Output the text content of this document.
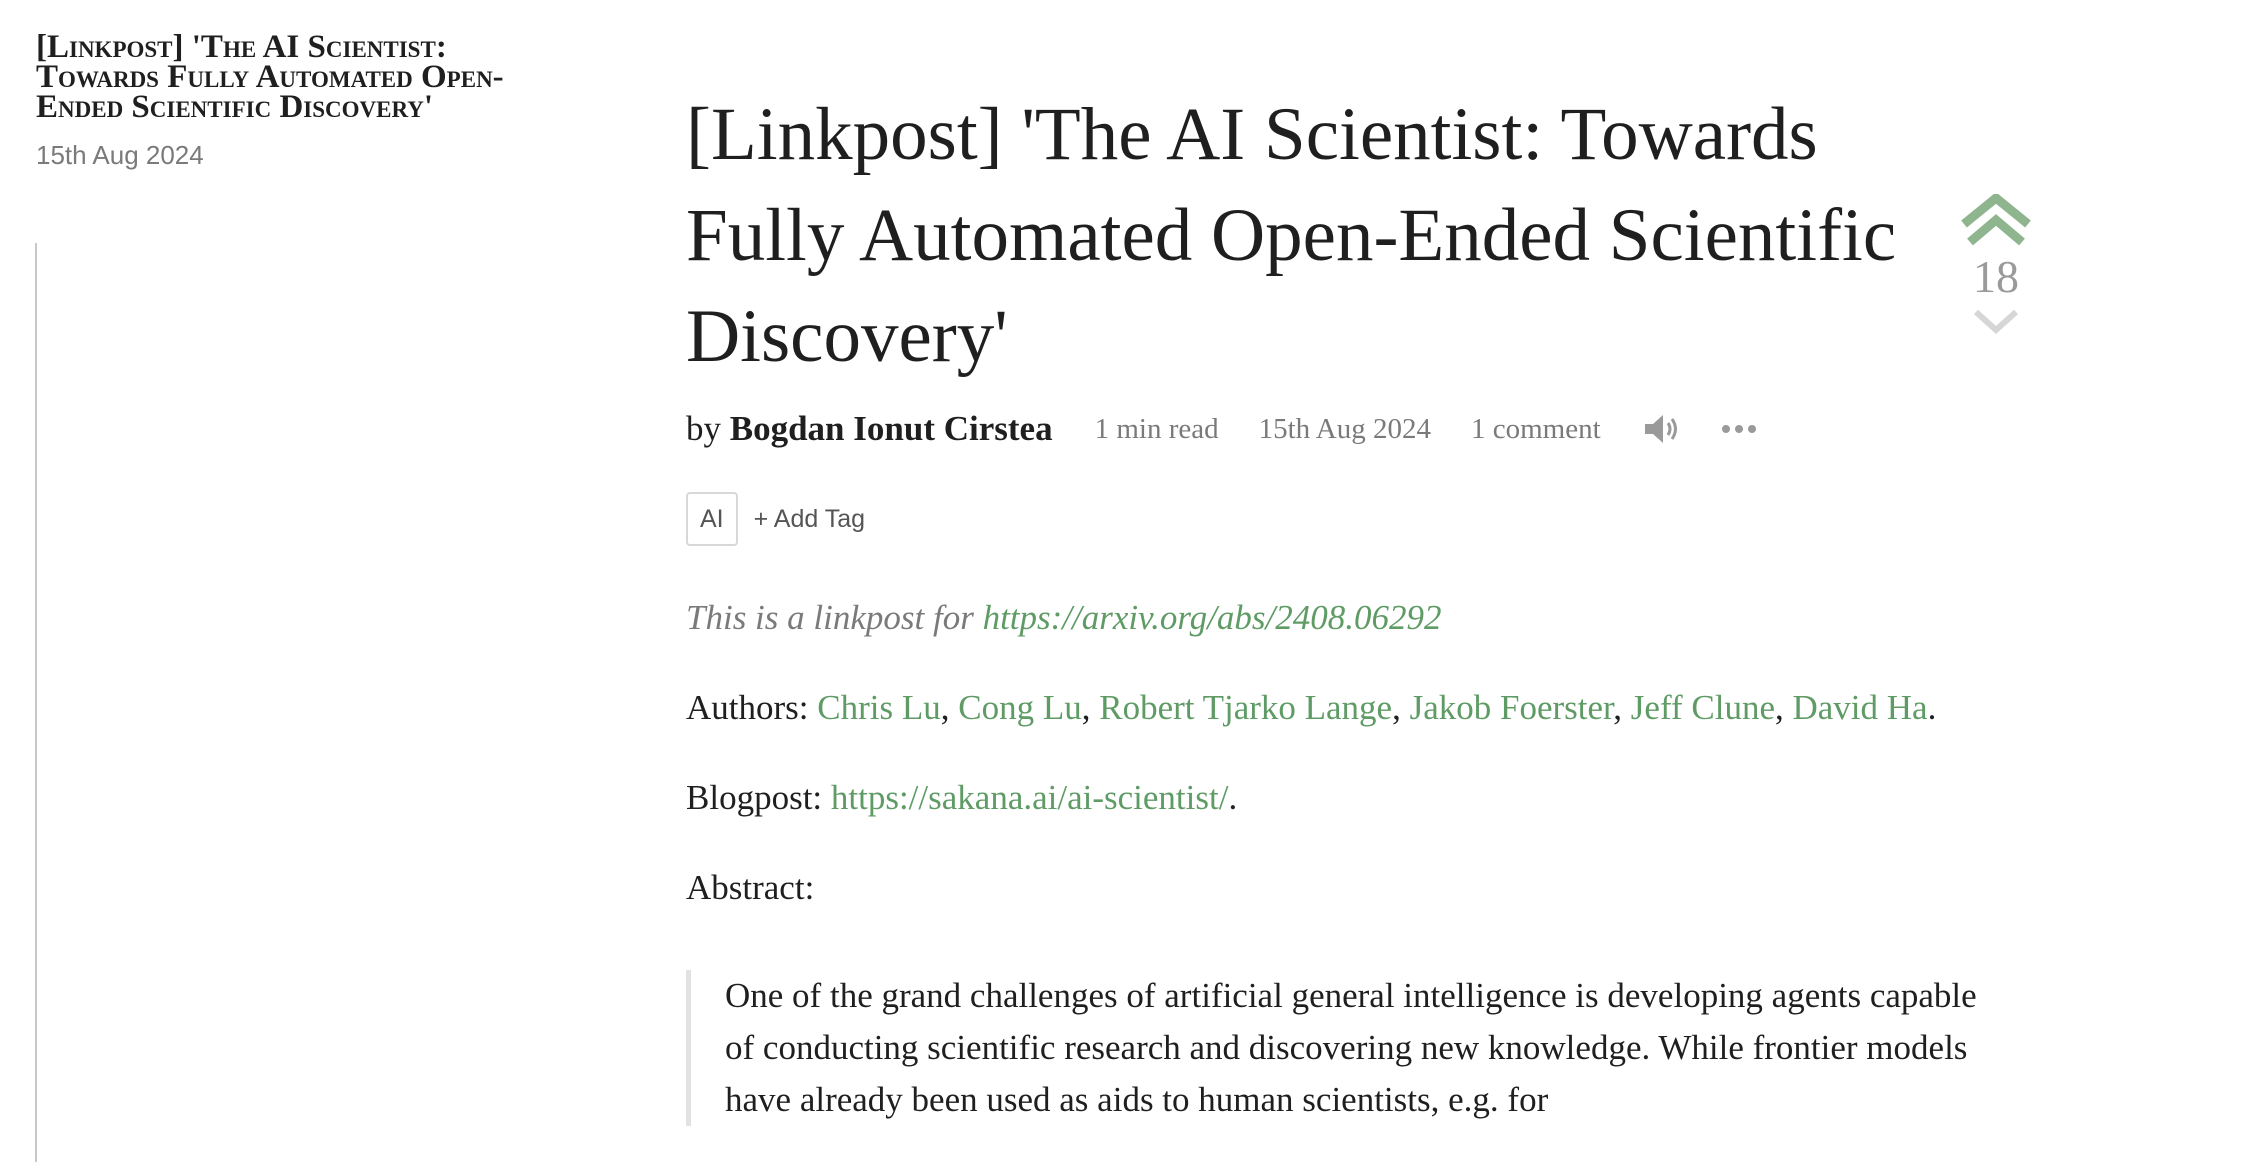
[Linkpost] 'The AI Scientist: Towards Fully Automated Open-Ended Scientific Discovery'
15th Aug 2024	[Linkpost] 'The AI Scientist: Towards Fully Automated Open-Ended Scientific Discovery'
18
by Bogdan Ionut Cirstea 1 min read 15th Aug 2024 1 comment
AI	+ Add Tag

This is a linkpost for https://arxiv.org/abs/2408.06292

Authors: Chris Lu, Cong Lu, Robert Tjarko Lange, Jakob Foerster, Jeff Clune, David Ha.

Blogpost: https://sakana.ai/ai-scientist/.

Abstract:

One of the grand challenges of artificial general intelligence is developing agents capable of conducting scientific research and discovering new knowledge. While frontier models have already been used as aids to human scientists, e.g. for
